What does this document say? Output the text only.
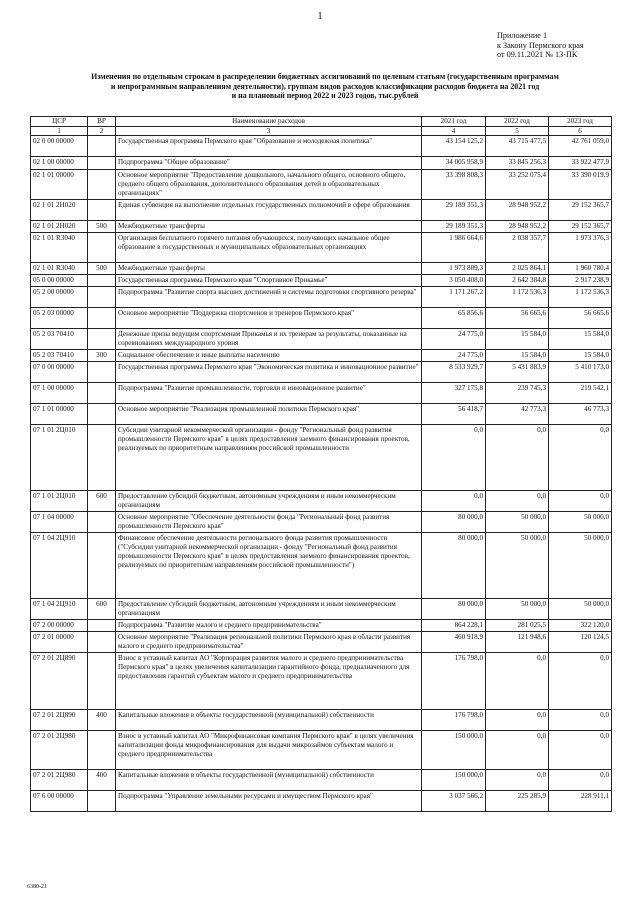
1
Приложение 1
к Закону Пермского края
от 09.11.2021 № 13-ПК
Изменения по отдельным строкам в распределении бюджетных ассигнований по целевым статьям (государственным программам
и непрограммным направлениям деятельности), группам видов расходов классификации расходов бюджета на 2021 год
и на плановый период 2022 и 2023 годов, тыс.рублей
ЦСР	ВР	Наименование расходов	2021 год	2022 год	2023 год
1	2	3	4	5	6
02 0 00 00000		Государственная программа Пермского края "Образование и молодежная политика"	43 154 125,2	43 715 477,5	42 761 059,0
02 1 00 00000		Подпрограмма "Общее образование"	34 005 958,9	33 845 256,3	33 922 477,9
02 1 01 00000		Основное мероприятие "Предоставление дошкольного, начального общего, основного общего, среднего общего образования, дополнительного образования детей в образовательных организациях"	33 398 808,3	33 252 075,4	33 390 019,9
02 1 01 2Н020		Единая субвенция на выполнение отдельных государственных полномочий в сфере образования	29 189 351,3	28 948 952,2	29 152 365,7
02 1 01 2Н020	500	Межбюджетные трансферты	29 189 351,3	28 948 952,2	29 152 365,7
02 1 01 R3040		Организация бесплатного горячего питания обучающихся, получающих начальное общее образование в государственных и муниципальных образовательных организациях	1 986 664,6	2 038 357,7	1 973 376,3
02 1 01 R3040	500	Межбюджетные трансферты	1 973 889,3	2 025 864,1	1 960 780,4
05 0 00 00000		Государственная программа Пермского края "Спортивное Прикамье"	3 050 408,0	2 642 384,8	2 917 238,9
05 2 00 00000		Подпрограмма "Развитие спорта высших достижений и системы подготовки спортивного резерва"	1 171 267,2	1 172 536,3	1 172 536,3
05 2 03 00000		Основное мероприятие "Поддержка спортсменов и тренеров Пермского края"	65 856,6	56 665,6	56 665,6
05 2 03 70410		Денежные призы ведущим спортсменам Прикамья и их тренерам за результаты, показанные на соревнованиях международного уровня	24 775,0	15 584,0	15 584,0
05 2 03 70410	300	Социальное обеспечение и иные выплаты населению	24 775,0	15 584,0	15 584,0
07 0 00 00000		Государственная программа Пермского края "Экономическая политика и инновационное развитие"	8 533 929,7	5 431 883,9	5 410 173,0
07 1 00 00000		Подпрограмма "Развитие промышленности, торговли и инновационное развитие"	327 175,8	239 745,3	219 542,1
07 1 01 00000		Основное мероприятие "Реализация промышленной политики Пермского края"	56 418,7	42 773,3	46 773,3
07 1 01 2Ц010		Субсидии унитарной некоммерческой организации - фонду "Региональный фонд развития промышленности Пермского края" в целях предоставления заемного финансирования проектов, реализуемых по приоритетным направлениям российской промышленности	0,0	0,0	0,0
07 1 01 2Ц010	600	Предоставление субсидий бюджетным, автономным учреждениям и иным некоммерческим организациям	0,0	0,0	0,0
07 1 04 00000		Основное мероприятие "Обеспечение деятельности фонда "Региональный фонд развития промышленности Пермского края"	80 000,0	50 000,0	50 000,0
07 1 04 2Ц910		Финансовое обеспечение деятельности регионального фонда развития промышленности ("Субсидии унитарной некоммерческой организации - фонду "Региональный фонд развития промышленности Пермского края" в целях предоставления заемного финансирования проектов, реализуемых по приоритетным направлениям российской промышленности")	80 000,0	50 000,0	50 000,0
07 1 04 2Ц910	600	Предоставление субсидий бюджетным, автономным учреждениям и иным некоммерческим организациям	80 000,0	50 000,0	50 000,0
07 2 00 00000		Подпрограмма "Развитие малого и среднего предпринимательства"	864 228,1	281 025,5	322 120,0
07 2 01 00000		Основное мероприятие "Реализация региональной политики Пермского края в области развития малого и среднего предпринимательства"	460 918,9	121 948,6	120 124,5
07 2 01 2Ц890		Взнос в уставный капитал АО "Корпорация развития малого и среднего предпринимательства Пермского края" в целях увеличения капитализации гарантийного фонда, предназначенного для предоставления гарантий субъектам малого и среднего предпринимательства	176 798,0	0,0	0,0
07 2 01 2Ц890	400	Капитальные вложения в объекты государственной (муниципальной) собственности	176 798,0	0,0	0,0
07 2 01 2Ц980		Взнос в уставный капитал АО "Микрофинансовая компания Пермского края" в целях увеличения капитализации фонда микрофинансирования для выдачи микрозаймов субъектам малого и среднего предпринимательства	150 000,0	0,0	0,0
07 2 01 2Ц980	400	Капитальные вложения в объекты государственной (муниципальной) собственности	150 000,0	0,0	0,0
07 6 00 00000		Подпрограмма "Управление земельными ресурсами и имуществом Пермского края"	3 037 566,2	225 285,9	228 911,1
6380-21
